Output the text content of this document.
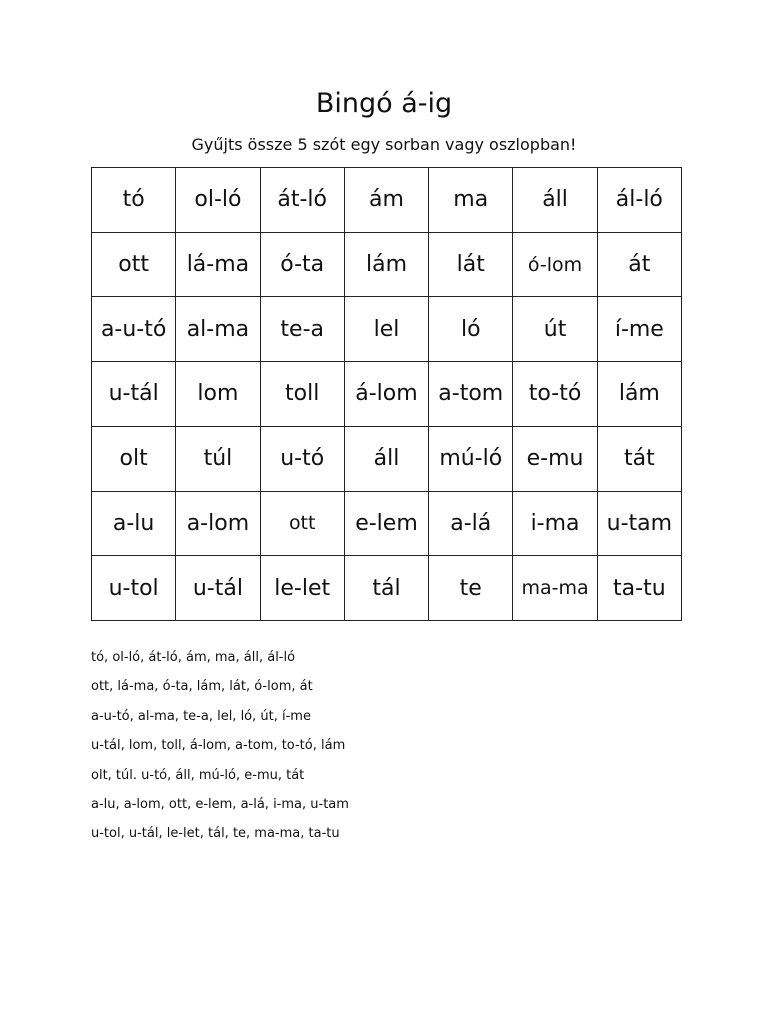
Bingó á-ig
Gyűjts össze 5 szót egy sorban vagy oszlopban!
tó	ol-ló	át-ló	ám	ma	áll	ál-ló
ott	lá-ma	ó-ta	lám	lát	ó-lom	át
a-u-tó	al-ma	te-a	lel	ló	út	í-me
u-tál	lom	toll	á-lom	a-tom	to-tó	lám
olt	túl	u-tó	áll	mú-ló	e-mu	tát
a-lu	a-lom	ott	e-lem	a-lá	i-ma	u-tam
u-tol	u-tál	le-let	tál	te	ma-ma	ta-tu
tó, ol-ló, át-ló, ám, ma, áll, ál-ló
ott, lá-ma, ó-ta, lám, lát, ó-lom, át
a-u-tó, al-ma, te-a, lel, ló, út, í-me
u-tál, lom, toll, á-lom, a-tom, to-tó, lám
olt, túl. u-tó, áll, mú-ló, e-mu, tát
a-lu, a-lom, ott, e-lem, a-lá, i-ma, u-tam
u-tol, u-tál, le-let, tál, te, ma-ma, ta-tu
